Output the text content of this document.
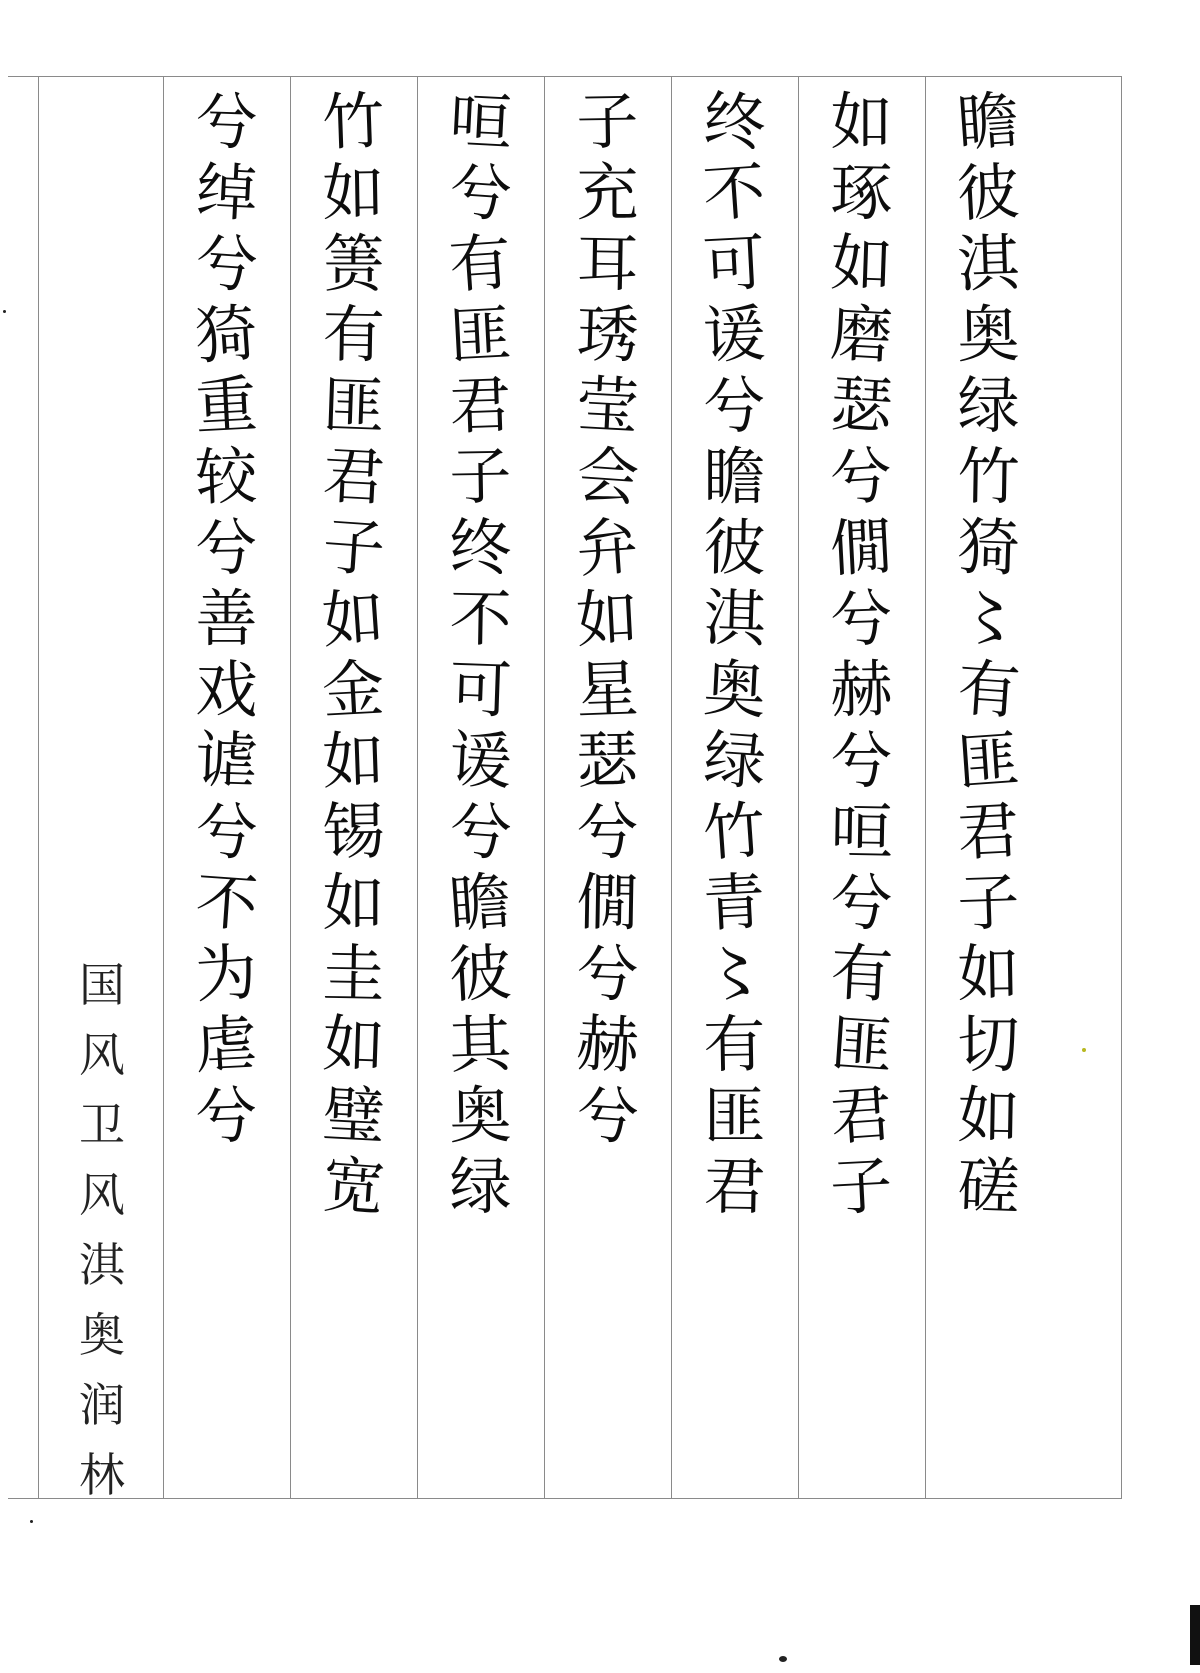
瞻
彼
淇
奥
绿
竹
猗
〻
有
匪
君
子
如
切
如
磋
如
琢
如
磨
瑟
兮
僩
兮
赫
兮
咺
兮
有
匪
君
子
终
不
可
谖
兮
瞻
彼
淇
奥
绿
竹
青
〻
有
匪
君
子
充
耳
琇
莹
会
弁
如
星
瑟
兮
僩
兮
赫
兮
咺
兮
有
匪
君
子
终
不
可
谖
兮
瞻
彼
其
奥
绿
竹
如
箦
有
匪
君
子
如
金
如
锡
如
圭
如
璧
宽
兮
绰
兮
猗
重
较
兮
善
戏
谑
兮
不
为
虐
兮
国
风
卫
风
淇
奥
润
林
